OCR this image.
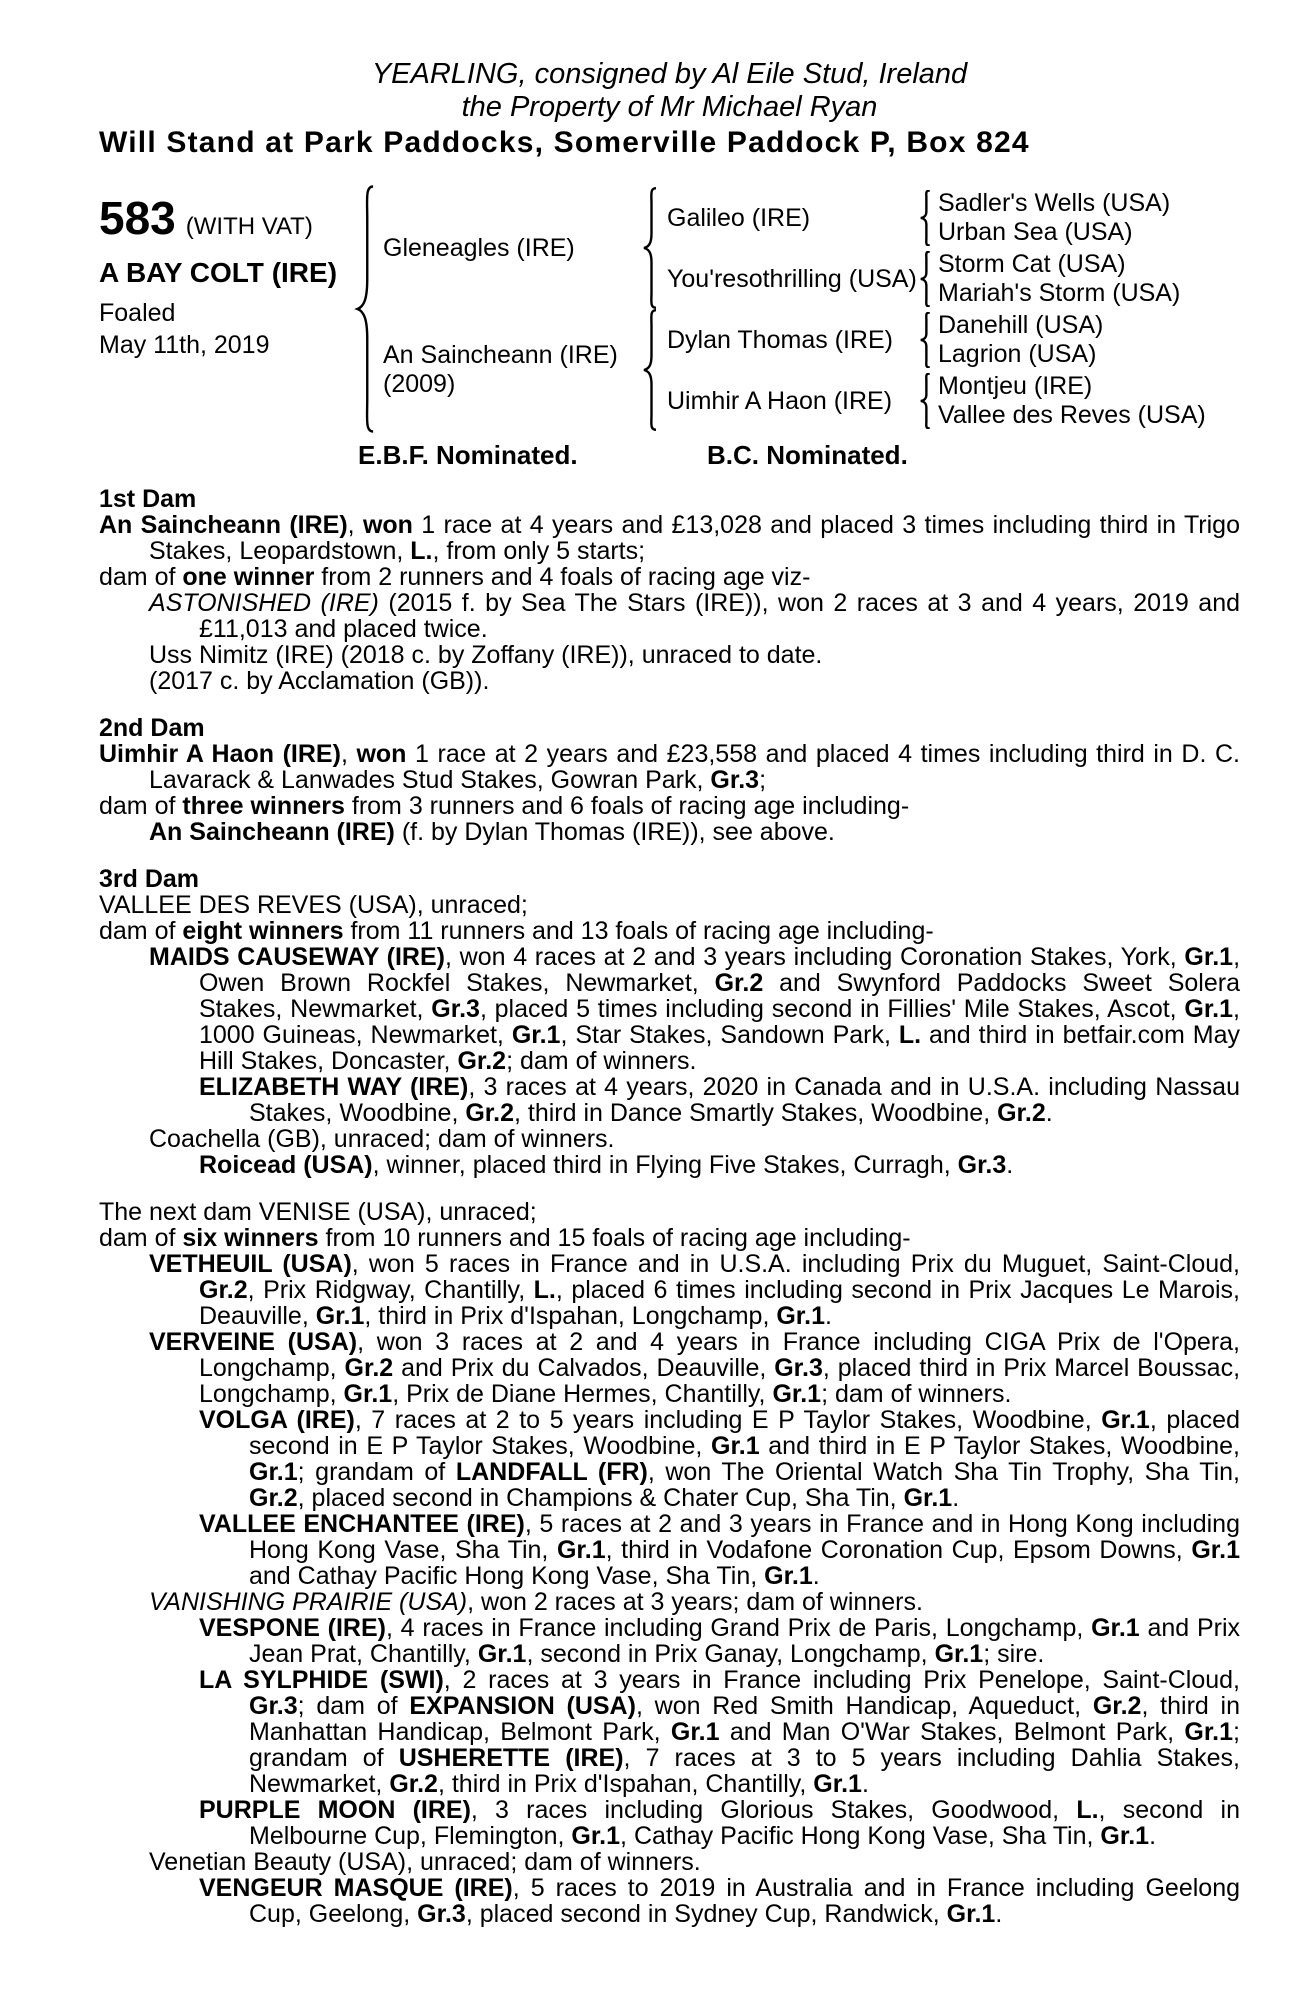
YEARLING, consigned by Al Eile Stud, Ireland
the Property of Mr Michael Ryan
Will Stand at Park Paddocks, Somerville Paddock P, Box 824
583 (WITH VAT)
A BAY COLT (IRE)
Foaled
May 11th, 2019
Gleneagles (IRE)
Galileo (IRE)
Sadler's Wells (USA)
Urban Sea (USA)
You'resothrilling (USA)
Storm Cat (USA)
Mariah's Storm (USA)
An Saincheann (IRE)
(2009)
Dylan Thomas (IRE)
Danehill (USA)
Lagrion (USA)
Uimhir A Haon (IRE)
Montjeu (IRE)
Vallee des Reves (USA)
E.B.F. Nominated.	B.C. Nominated.
1st Dam

An Saincheann (IRE), won 1 race at 4 years and £13,028 and placed 3 times including third in Trigo Stakes, Leopardstown, L., from only 5 starts;

dam of one winner from 2 runners and 4 foals of racing age viz-

ASTONISHED (IRE) (2015 f. by Sea The Stars (IRE)), won 2 races at 3 and 4 years, 2019 and £11,013 and placed twice.

Uss Nimitz (IRE) (2018 c. by Zoffany (IRE)), unraced to date.

(2017 c. by Acclamation (GB)).

2nd Dam

Uimhir A Haon (IRE), won 1 race at 2 years and £23,558 and placed 4 times including third in D. C. Lavarack & Lanwades Stud Stakes, Gowran Park, Gr.3;

dam of three winners from 3 runners and 6 foals of racing age including-

An Saincheann (IRE) (f. by Dylan Thomas (IRE)), see above.

3rd Dam

VALLEE DES REVES (USA), unraced;

dam of eight winners from 11 runners and 13 foals of racing age including-

MAIDS CAUSEWAY (IRE), won 4 races at 2 and 3 years including Coronation Stakes, York, Gr.1, Owen Brown Rockfel Stakes, Newmarket, Gr.2 and Swynford Paddocks Sweet Solera Stakes, Newmarket, Gr.3, placed 5 times including second in Fillies' Mile Stakes, Ascot, Gr.1, 1000 Guineas, Newmarket, Gr.1, Star Stakes, Sandown Park, L. and third in betfair.com May Hill Stakes, Doncaster, Gr.2; dam of winners.

ELIZABETH WAY (IRE), 3 races at 4 years, 2020 in Canada and in U.S.A. including Nassau Stakes, Woodbine, Gr.2, third in Dance Smartly Stakes, Woodbine, Gr.2.

Coachella (GB), unraced; dam of winners.

Roicead (USA), winner, placed third in Flying Five Stakes, Curragh, Gr.3.

The next dam VENISE (USA), unraced;

dam of six winners from 10 runners and 15 foals of racing age including-

VETHEUIL (USA), won 5 races in France and in U.S.A. including Prix du Muguet, Saint-Cloud, Gr.2, Prix Ridgway, Chantilly, L., placed 6 times including second in Prix Jacques Le Marois, Deauville, Gr.1, third in Prix d'Ispahan, Longchamp, Gr.1.

VERVEINE (USA), won 3 races at 2 and 4 years in France including CIGA Prix de l'Opera, Longchamp, Gr.2 and Prix du Calvados, Deauville, Gr.3, placed third in Prix Marcel Boussac, Longchamp, Gr.1, Prix de Diane Hermes, Chantilly, Gr.1; dam of winners.

VOLGA (IRE), 7 races at 2 to 5 years including E P Taylor Stakes, Woodbine, Gr.1, placed second in E P Taylor Stakes, Woodbine, Gr.1 and third in E P Taylor Stakes, Woodbine, Gr.1; grandam of LANDFALL (FR), won The Oriental Watch Sha Tin Trophy, Sha Tin, Gr.2, placed second in Champions & Chater Cup, Sha Tin, Gr.1.

VALLEE ENCHANTEE (IRE), 5 races at 2 and 3 years in France and in Hong Kong including Hong Kong Vase, Sha Tin, Gr.1, third in Vodafone Coronation Cup, Epsom Downs, Gr.1 and Cathay Pacific Hong Kong Vase, Sha Tin, Gr.1.

VANISHING PRAIRIE (USA), won 2 races at 3 years; dam of winners.

VESPONE (IRE), 4 races in France including Grand Prix de Paris, Longchamp, Gr.1 and Prix Jean Prat, Chantilly, Gr.1, second in Prix Ganay, Longchamp, Gr.1; sire.

LA SYLPHIDE (SWI), 2 races at 3 years in France including Prix Penelope, Saint-Cloud, Gr.3; dam of EXPANSION (USA), won Red Smith Handicap, Aqueduct, Gr.2, third in Manhattan Handicap, Belmont Park, Gr.1 and Man O'War Stakes, Belmont Park, Gr.1; grandam of USHERETTE (IRE), 7 races at 3 to 5 years including Dahlia Stakes, Newmarket, Gr.2, third in Prix d'Ispahan, Chantilly, Gr.1.

PURPLE MOON (IRE), 3 races including Glorious Stakes, Goodwood, L., second in Melbourne Cup, Flemington, Gr.1, Cathay Pacific Hong Kong Vase, Sha Tin, Gr.1.

Venetian Beauty (USA), unraced; dam of winners.

VENGEUR MASQUE (IRE), 5 races to 2019 in Australia and in France including Geelong Cup, Geelong, Gr.3, placed second in Sydney Cup, Randwick, Gr.1.
